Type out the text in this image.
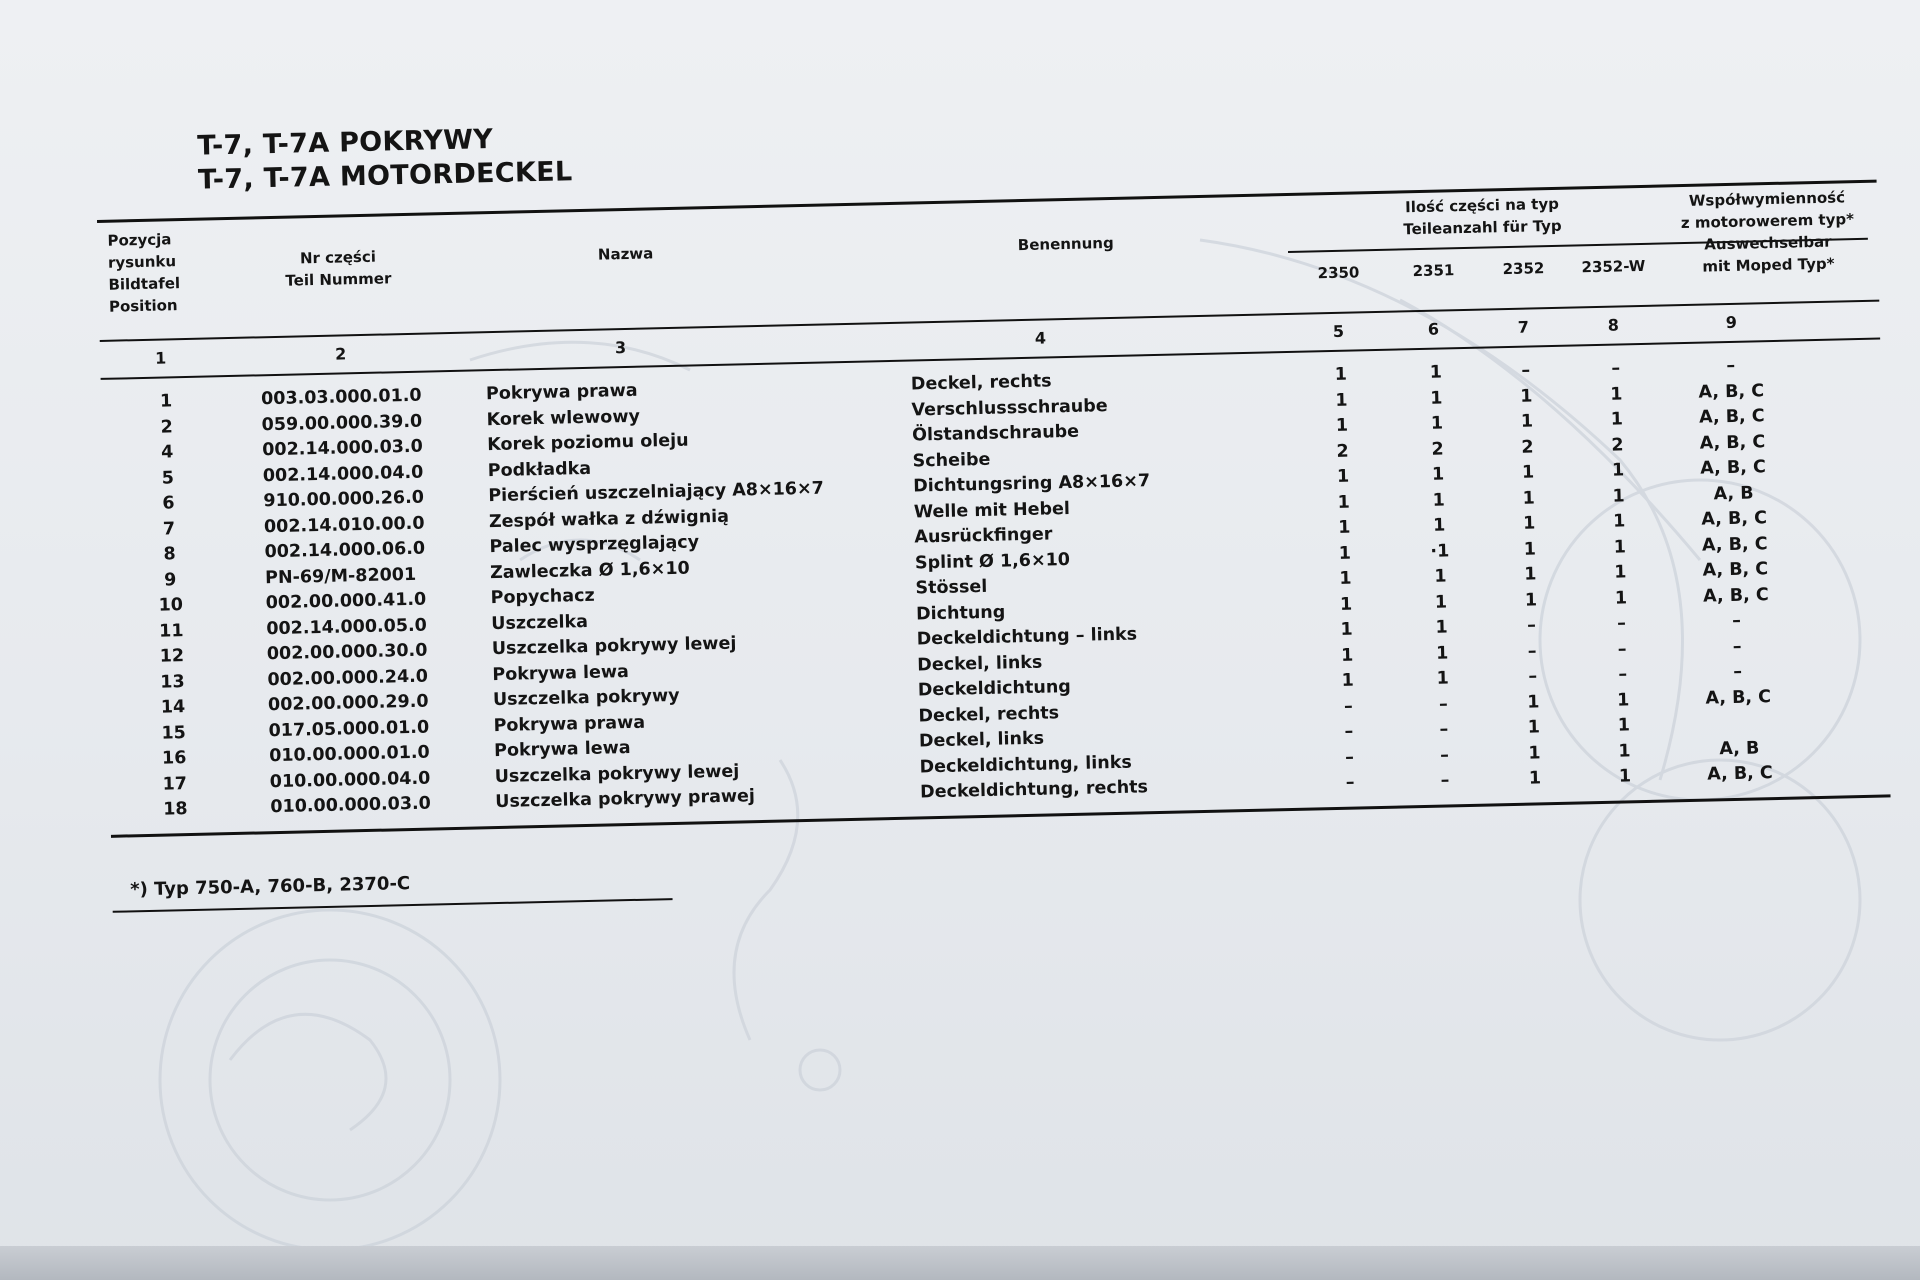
T-7, T-7A POKRYWY
T-7, T-7A MOTORDECKEL
Pozycja
rysunku
Bildtafel
Position
Nr części
Teil Nummer
Nazwa	Benennung
Ilość części na typ
Teileanzahl für Typ
2350	2351	2352	2352-W
Współwymienność
z motorowerem typ*
Auswechselbar
mit Moped Typ*
1	2	3	4	5	6	7	8	9
1	003.03.000.01.0	Pokrywa prawa	Deckel, rechts	1	1	–	–	–
2	059.00.000.39.0	Korek wlewowy	Verschlussschraube	1	1	1	1	A, B, C
4	002.14.000.03.0	Korek poziomu oleju	Ölstandschraube	1	1	1	1	A, B, C
5	002.14.000.04.0	Podkładka	Scheibe	2	2	2	2	A, B, C
6	910.00.000.26.0	Pierścień uszczelniający A8×16×7	Dichtungsring A8×16×7	1	1	1	1	A, B, C
7	002.14.010.00.0	Zespół wałka z dźwignią	Welle mit Hebel	1	1	1	1	A, B
8	002.14.000.06.0	Palec wysprzęglający	Ausrückfinger	1	1	1	1	A, B, C
9	PN-69/M-82001	Zawleczka Ø 1,6×10	Splint Ø 1,6×10	1	·1	1	1	A, B, C
10	002.00.000.41.0	Popychacz	Stössel	1	1	1	1	A, B, C
11	002.14.000.05.0	Uszczelka	Dichtung	1	1	1	1	A, B, C
12	002.00.000.30.0	Uszczelka pokrywy lewej	Deckeldichtung – links	1	1	–	–	–
13	002.00.000.24.0	Pokrywa lewa	Deckel, links	1	1	–	–	–
14	002.00.000.29.0	Uszczelka pokrywy	Deckeldichtung	1	1	–	–	–
15	017.05.000.01.0	Pokrywa prawa	Deckel, rechts	–	–	1	1	A, B, C
16	010.00.000.01.0	Pokrywa lewa	Deckel, links	–	–	1	1
17	010.00.000.04.0	Uszczelka pokrywy lewej	Deckeldichtung, links	–	–	1	1	A, B
18	010.00.000.03.0	Uszczelka pokrywy prawej	Deckeldichtung, rechts	–	–	1	1	A, B, C
*) Typ 750-A, 760-B, 2370-C
